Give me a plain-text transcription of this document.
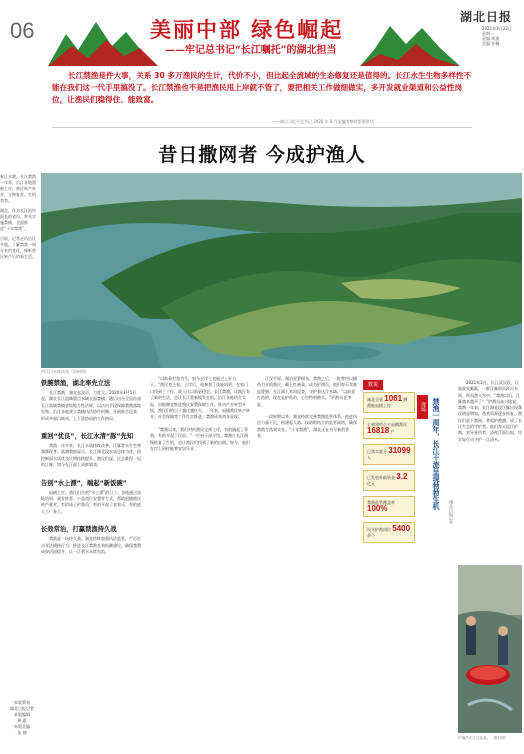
06	美丽中部 绿色崛起
——牢记总书记“长江嘱托”的湖北担当
湖北日报
2021年3月22日
星期一
责编 周惠
美编 张楠
长江禁渔是件大事，关系 30 多万渔民的生计，代价不小，但比起全流域的生态修复还是值得的。长江水生生物多样性不能在我们这一代手里搞没了。长江禁渔也不是把渔民甩上岸就不管了，要把相关工作做细做实，多开发就业渠道和公益性岗位，让渔民们稳得住、能致富。
——摘自习近平总书记 2020 年 8 月安徽考察时重要讲话
昔日撒网者 今成护渔人
丹江口水库风光（资料图）

春江水暖，长江禁渔一年来，沿江各地渔船上岸，渔民转产转业，万物复苏、生机勃勃。

湖北，作为长江流经最长的省份，率先实施禁捕，全面推进“十年禁渔”。

日前，记者走访沿江多地，了解禁渔一周年来的变化，倾听渔民转产后的新生活。

本版策划
湖北日报记者
本版编辑
周 惠
本版美编
张 楠
铁腕禁渔，湖北率先立法

长江禁渔，湖北起步早、力度大。2020年1月1日起，湖北长江流域重点水域全面禁捕。随后出台全国首部长江流域禁捕省级地方性法规，以法治手段保障禁渔落地见效。沿江各地建立禁捕执法协作机制，开展联合巡查，形成多部门联动、上下游协同的工作格局。

重回“优良”，长江水清“豚”先知

禁渔一年多来，长江水质持续改善，江豚等水生生物频频现身。监测数据显示，长江湖北段水质总体为优，国控断面水质优良比例持续提升。渔民们说，过去难得一见的江豚，如今在江面上成群嬉戏。

告别“水上漂”，端起“新饭碗”

退捕上岸，渔民们告别“水上漂”的日子。各地通过技能培训、就业推荐、公益岗位安置等方式，帮助退捕渔民转产就业。有的成了护渔员，有的开起了农家乐，有的进入工厂务工。

长效常治，打赢禁渔持久战

禁渔是一场持久战。湖北持续加强执法监管，严厉打击非法捕捞行为，推进长江禁渔长效机制建设，确保禁渔成果巩固提升，让一江碧水永续东流。

“以前靠打鱼为生，如今在岸上也能过上好日子。”渔民老王说。上岸后，他参加了技能培训，在家门口找到了工作，收入比以前更稳定。长江禁渔，让渔民有了新的生活，也让长江重新焕发生机。沿江各地结合实际，因地制宜推进渔民安置保障工作，推动产业转型升级，渔民们的日子越过越红火。一年来，退捕渔民转产转业、社会保障等工作扎实推进，禁渔成效初步显现。

“禁渔以来，我们村的渔民全部上岸，有的搞起了养殖，有的开起了民宿。”一位村干部介绍。禁渔让长江慢慢恢复了生机，也让渔民们找到了新的出路。如今，他们在岸上同样能够安居乐业。

江汉平原，湖泊星罗棋布。禁渔之后，一批曾经以捕鱼为业的渔民，戴上红袖章，成为护渔员。他们每天驾驶巡逻船，在江面上来回巡查，守护着这片水域。“以前是打鱼的，现在是护鱼的，心里特别踏实。”护渔员老李说。

一段时期以来，湖北持续完善禁渔监管体系，推进执法力量下沉，构建起人防、技防相结合的监管网络，确保禁渔令落到实处。“十年禁渔”，湖北正在书写新的答卷。

数说
湖北全省 1061 艘渔船退捕上岸
全省建档立卡退捕渔民 16818 户
已落实就业 31099 人
已发放补助资金 3.2 亿元
禁渔监管覆盖率 100%
设立护渔岗位 5400 余个
现场 禁渔一周年，长江干流呈现勃勃生机
湖北日报记者

2021年3月，长江武汉段，江面波光粼粼，一群江豚时而跃出水面，时而潜入水中。“禁渔以后，江豚越来越多了！”护渔员高兴地说。禁渔一年来，长江湖北段江豚出现频次明显增加，鱼类资源逐步恢复。渔民们放下渔网，拿起护渔旗，成了长江生态的守护者。他们每天巡江护渔，劝导垂钓者，清理江面垃圾，用实际行动守护一江清水。

护渔员在江边巡查。（资料图）
